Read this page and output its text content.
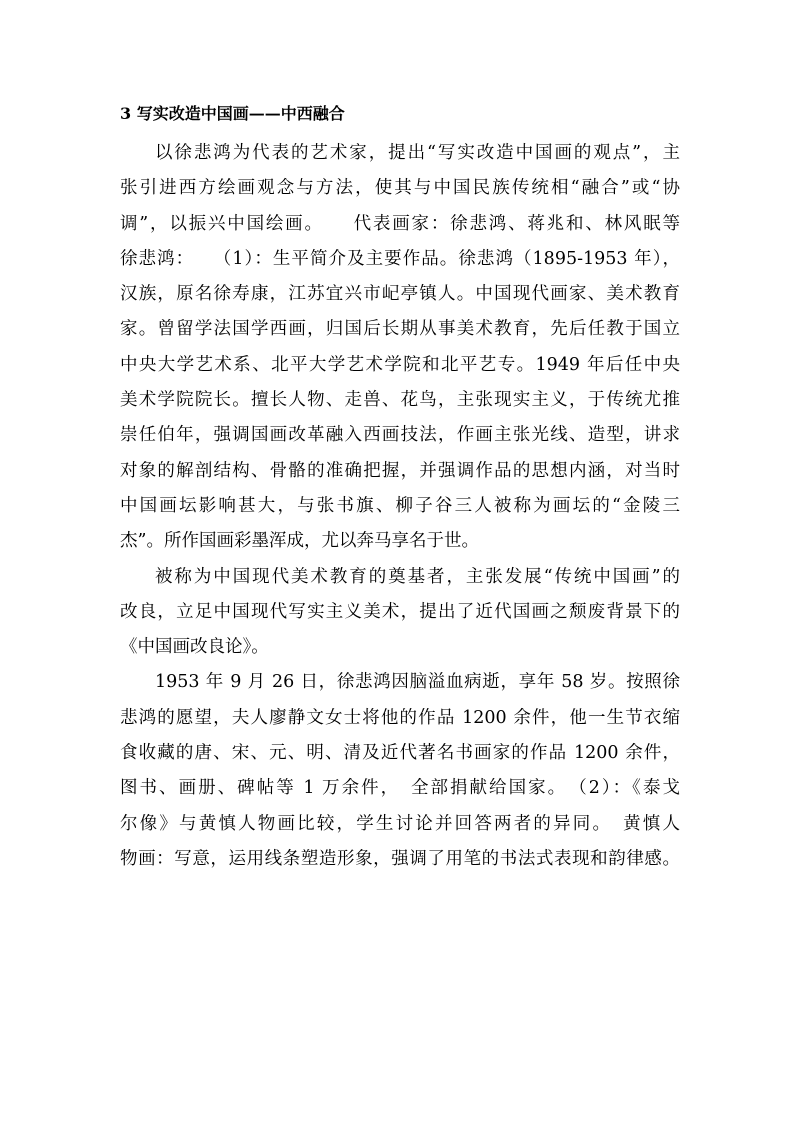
3 写实改造中国画——中西融合
以徐悲鸿为代表的艺术家，提出“写实改造中国画的观点”，主
张引进西方绘画观念与方法，使其与中国民族传统相“融合”或“协
调”，以振兴中国绘画。　　代表画家：徐悲鸿、蒋兆和、林风眠等
徐悲鸿：　　（1）：生平简介及主要作品。徐悲鸿（1895-1953 年），
汉族，原名徐寿康，江苏宜兴市屺亭镇人。中国现代画家、美术教育
家。曾留学法国学西画，归国后长期从事美术教育，先后任教于国立
中央大学艺术系、北平大学艺术学院和北平艺专。1949 年后任中央
美术学院院长。擅长人物、走兽、花鸟，主张现实主义，于传统尤推
崇任伯年，强调国画改革融入西画技法，作画主张光线、造型，讲求
对象的解剖结构、骨骼的准确把握，并强调作品的思想内涵，对当时
中国画坛影响甚大，与张书旗、柳子谷三人被称为画坛的“金陵三
杰”。所作国画彩墨浑成，尤以奔马享名于世。
被称为中国现代美术教育的奠基者，主张发展“传统中国画”的
改良，立足中国现代写实主义美术，提出了近代国画之颓废背景下的
《中国画改良论》。
1953 年 9 月 26 日，徐悲鸿因脑溢血病逝，享年 58 岁。按照徐
悲鸿的愿望，夫人廖静文女士将他的作品 1200 余件，他一生节衣缩
食收藏的唐、宋、元、明、清及近代著名书画家的作品 1200 余件，
图书、画册、碑帖等 1 万余件，　全部捐献给国家。　（2）：《泰戈
尔像》与黄慎人物画比较，学生讨论并回答两者的异同。　黄慎人
物画：写意，运用线条塑造形象，强调了用笔的书法式表现和韵律感。
